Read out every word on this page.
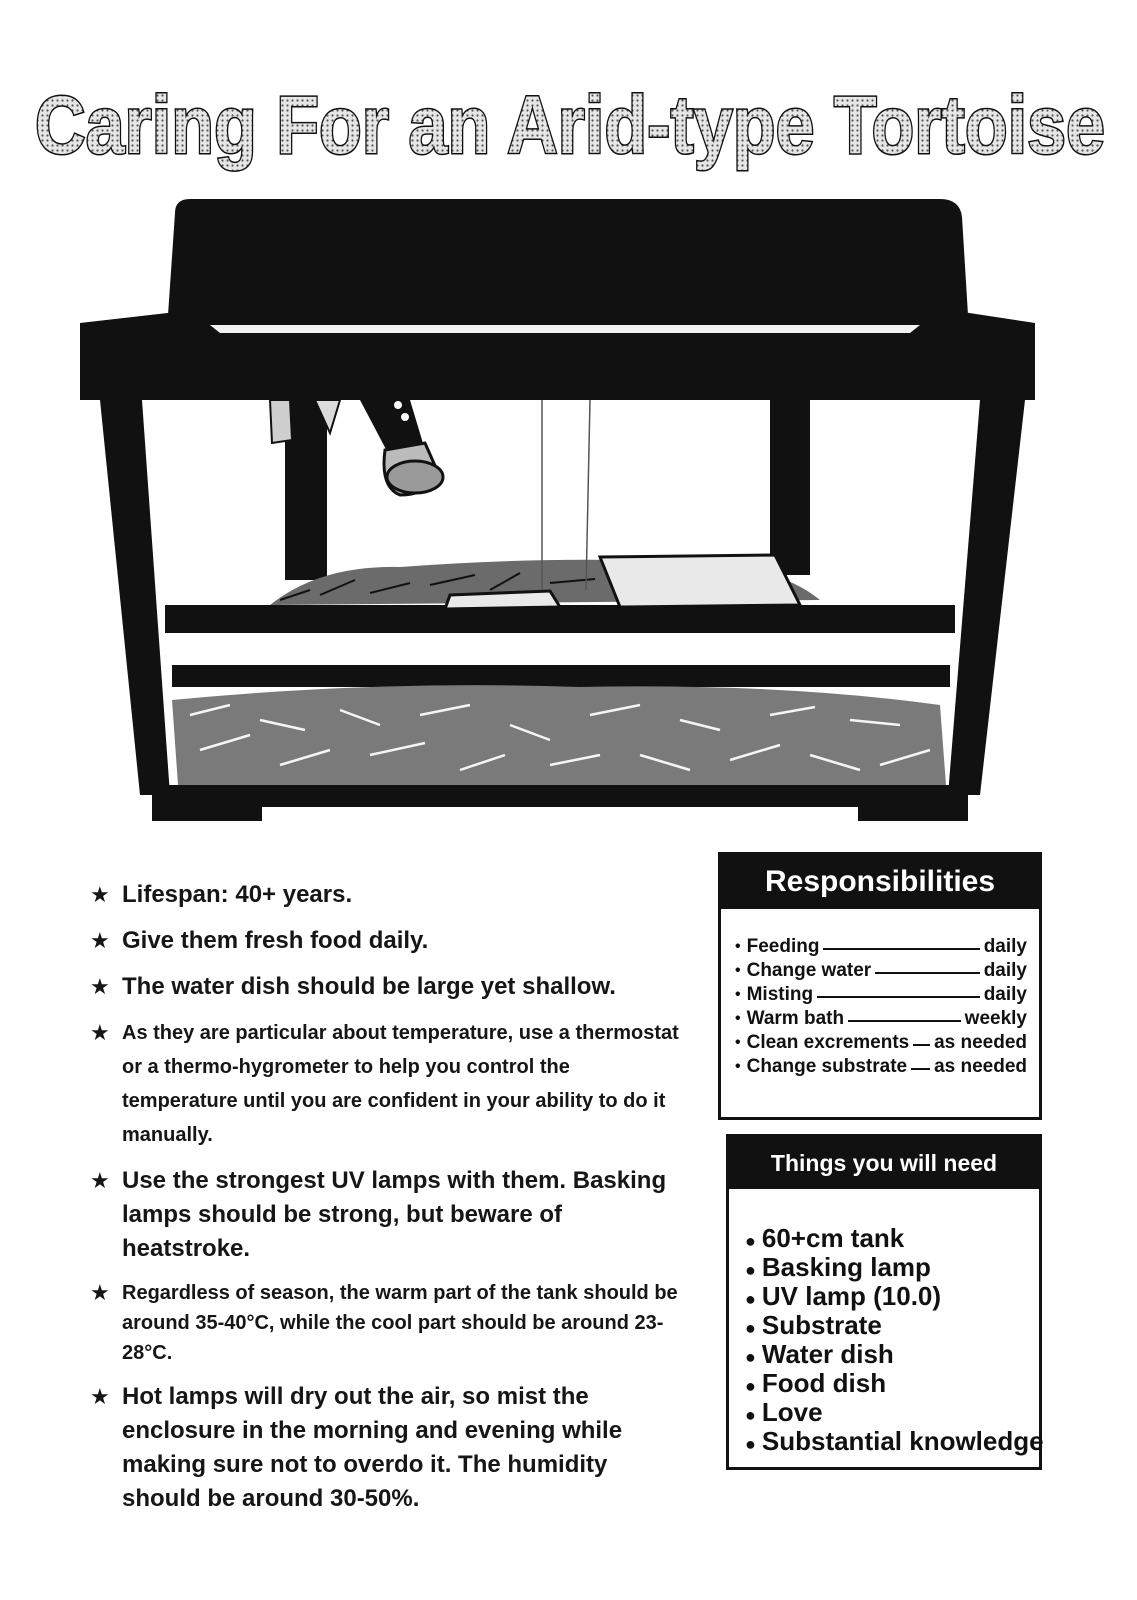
Caring For an Arid-type Tortoise
★ Lifespan: 40+ years.
★ Give them fresh food daily.
★ The water dish should be large yet shallow.
★ As they are particular about temperature, use a thermostat or a thermo-hygrometer to help you control the temperature until you are confident in your ability to do it manually.
★ Use the strongest UV lamps with them. Basking lamps should be strong, but beware of heatstroke.
★ Regardless of season, the warm part of the tank should be around 35-40°C, while the cool part should be around 23-28°C.
★ Hot lamps will dry out the air, so mist the enclosure in the morning and evening while making sure not to overdo it. The humidity should be around 30-50%.
Responsibilities
• Feeding	daily
• Change water	daily
• Misting	daily
• Warm bath	weekly
• Clean excrements as needed
• Change substrate as needed
Things you will need
● 60+cm tank
● Basking lamp
● UV lamp (10.0)
● Substrate
● Water dish
● Food dish
● Love
● Substantial knowledge
